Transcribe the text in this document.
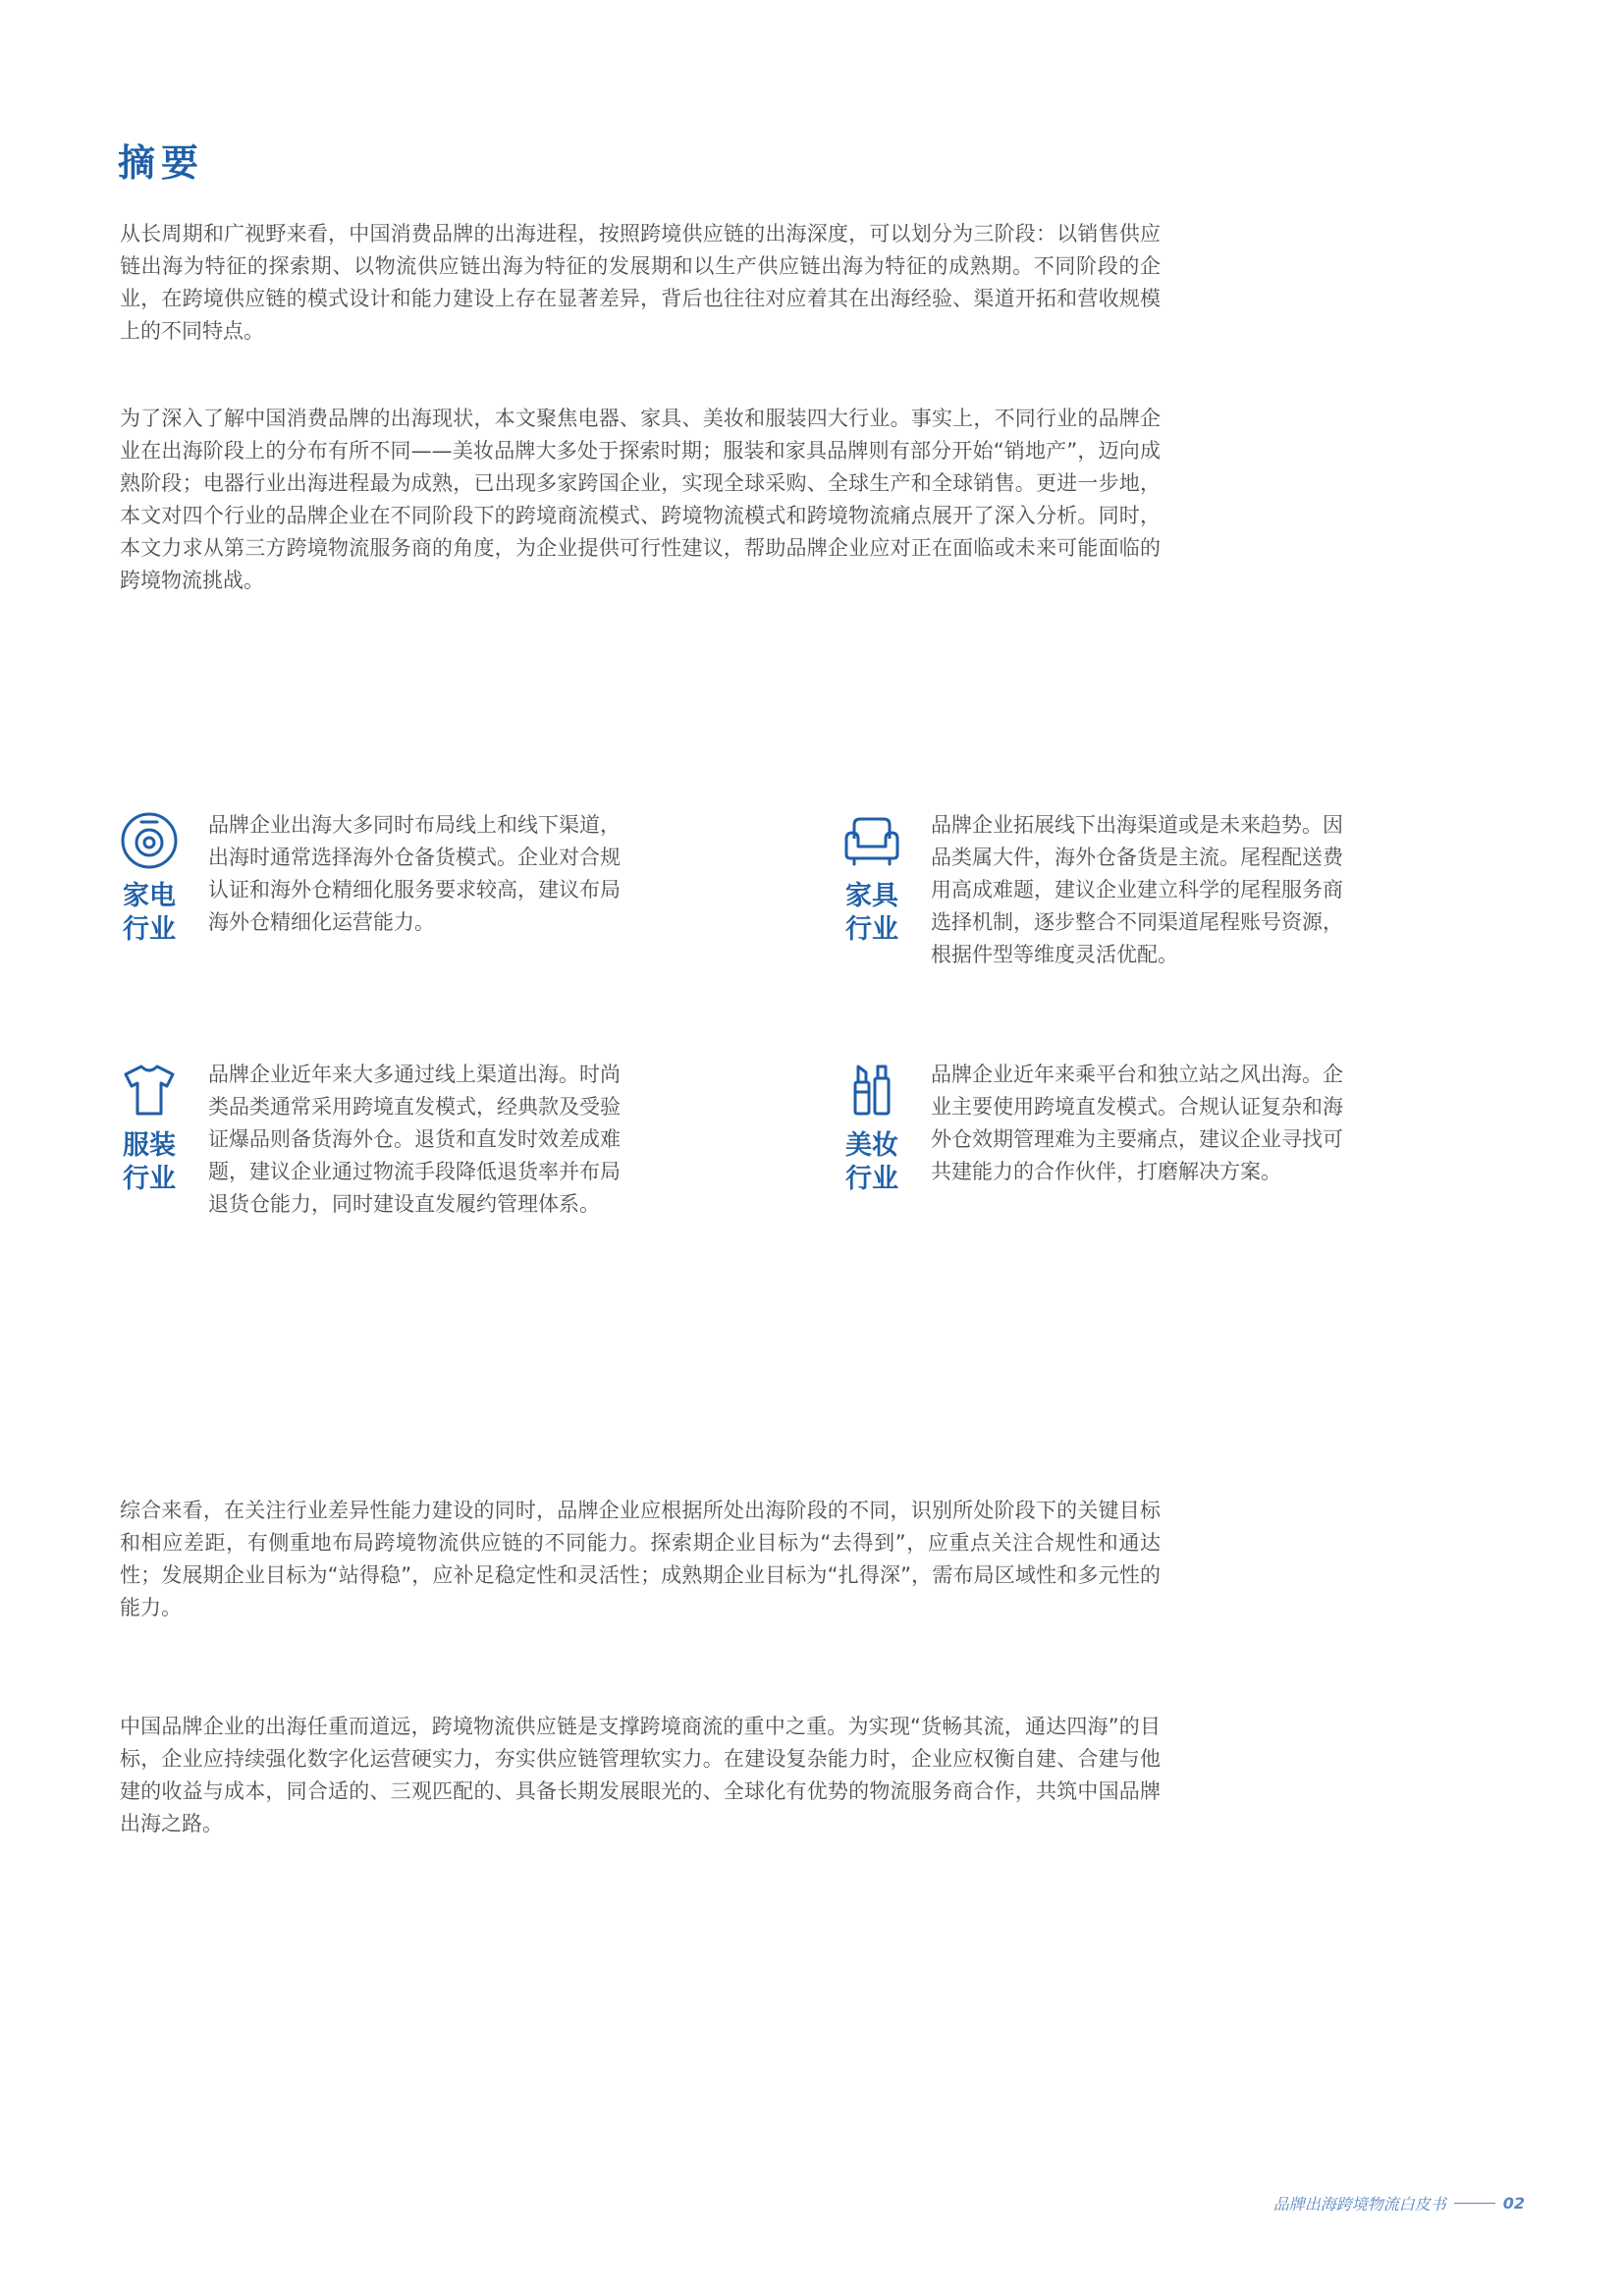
摘要

从长周期和广视野来看，中国消费品牌的出海进程，按照跨境供应链的出海深度，可以划分为三阶段：以销售供应链出海为特征的探索期、以物流供应链出海为特征的发展期和以生产供应链出海为特征的成熟期。不同阶段的企业，在跨境供应链的模式设计和能力建设上存在显著差异，背后也往往对应着其在出海经验、渠道开拓和营收规模上的不同特点。

为了深入了解中国消费品牌的出海现状，本文聚焦电器、家具、美妆和服装四大行业。事实上，不同行业的品牌企业在出海阶段上的分布有所不同——美妆品牌大多处于探索时期；服装和家具品牌则有部分开始“销地产”，迈向成熟阶段；电器行业出海进程最为成熟，已出现多家跨国企业，实现全球采购、全球生产和全球销售。更进一步地，本文对四个行业的品牌企业在不同阶段下的跨境商流模式、跨境物流模式和跨境物流痛点展开了深入分析。同时，本文力求从第三方跨境物流服务商的角度，为企业提供可行性建议，帮助品牌企业应对正在面临或未来可能面临的跨境物流挑战。

家电
行业

品牌企业出海大多同时布局线上和线下渠道，出海时通常选择海外仓备货模式。企业对合规认证和海外仓精细化服务要求较高，建议布局海外仓精细化运营能力。

家具
行业

品牌企业拓展线下出海渠道或是未来趋势。因品类属大件，海外仓备货是主流。尾程配送费用高成难题，建议企业建立科学的尾程服务商选择机制，逐步整合不同渠道尾程账号资源，根据件型等维度灵活优配。

服装
行业

品牌企业近年来大多通过线上渠道出海。时尚类品类通常采用跨境直发模式，经典款及受验证爆品则备货海外仓。退货和直发时效差成难题，建议企业通过物流手段降低退货率并布局退货仓能力，同时建设直发履约管理体系。

美妆
行业

品牌企业近年来乘平台和独立站之风出海。企业主要使用跨境直发模式。合规认证复杂和海外仓效期管理难为主要痛点，建议企业寻找可共建能力的合作伙伴，打磨解决方案。

综合来看，在关注行业差异性能力建设的同时，品牌企业应根据所处出海阶段的不同，识别所处阶段下的关键目标和相应差距，有侧重地布局跨境物流供应链的不同能力。探索期企业目标为“去得到”，应重点关注合规性和通达性；发展期企业目标为“站得稳”，应补足稳定性和灵活性；成熟期企业目标为“扎得深”，需布局区域性和多元性的能力。

中国品牌企业的出海任重而道远，跨境物流供应链是支撑跨境商流的重中之重。为实现“货畅其流，通达四海”的目标，企业应持续强化数字化运营硬实力，夯实供应链管理软实力。在建设复杂能力时，企业应权衡自建、合建与他建的收益与成本，同合适的、三观匹配的、具备长期发展眼光的、全球化有优势的物流服务商合作，共筑中国品牌出海之路。

品牌出海跨境物流白皮书	02
